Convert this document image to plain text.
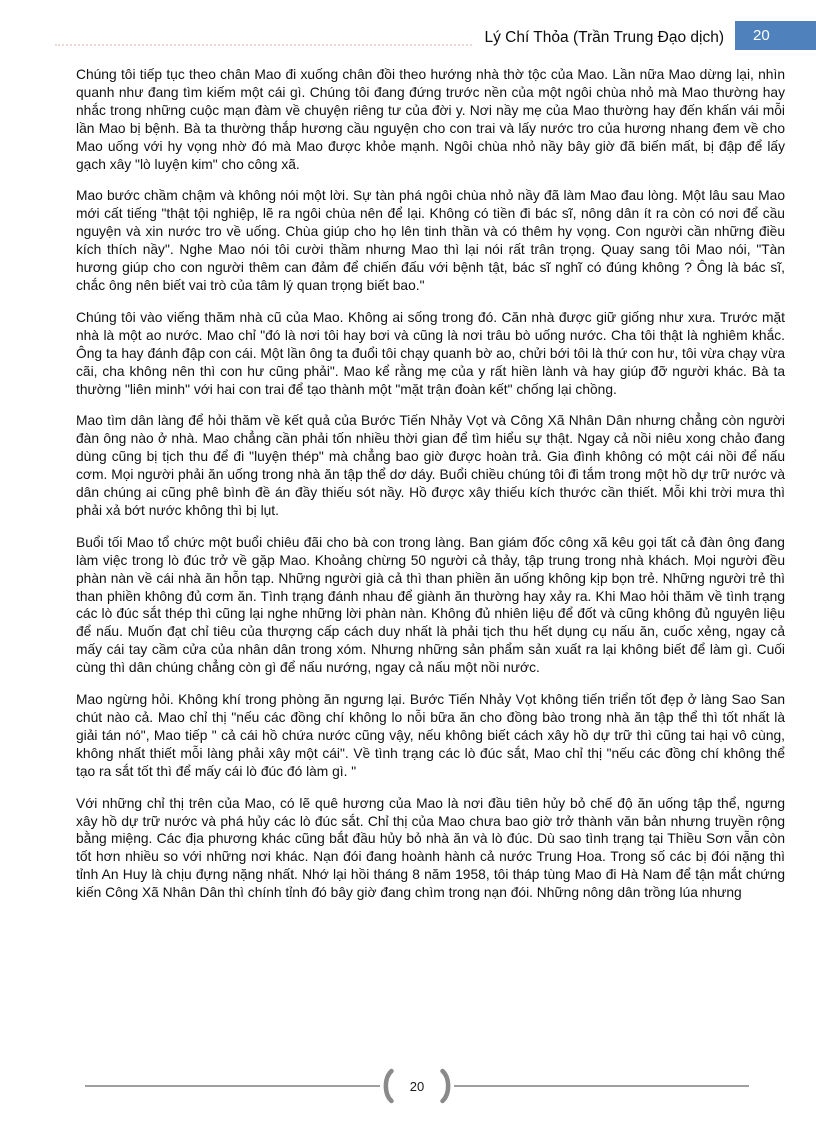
Lý Chí Thỏa (Trần Trung Đạo dịch)	20

Chúng tôi tiếp tục theo chân Mao đi xuống chân đồi theo hướng nhà thờ tộc của Mao. Lần nữa Mao dừng lại, nhìn quanh như đang tìm kiếm một cái gì. Chúng tôi đang đứng trước nền của một ngôi chùa nhỏ mà Mao thường hay nhắc trong những cuộc mạn đàm về chuyện riêng tư của đời y. Nơi nầy mẹ của Mao thường hay đến khấn vái mỗi lần Mao bị bệnh. Bà ta thường thắp hương cầu nguyện cho con trai và lấy nước tro của hương nhang đem về cho Mao uống với hy vọng nhờ đó mà Mao được khỏe mạnh. Ngôi chùa nhỏ nầy bây giờ đã biến mất, bị đập để lấy gạch xây "lò luyện kim" cho công xã.

Mao bước chầm chậm và không nói một lời. Sự tàn phá ngôi chùa nhỏ nầy đã làm Mao đau lòng. Một lâu sau Mao mới cất tiếng "thật tội nghiệp, lẽ ra ngôi chùa nên để lại. Không có tiền đi bác sĩ, nông dân ít ra còn có nơi để cầu nguyện và xin nước tro về uống. Chùa giúp cho họ lên tinh thần và có thêm hy vọng. Con người cần những điều kích thích nầy". Nghe Mao nói tôi cười thầm nhưng Mao thì lại nói rất trân trọng. Quay sang tôi Mao nói, "Tàn hương giúp cho con người thêm can đảm để chiến đấu với bệnh tật, bác sĩ nghĩ có đúng không ? Ông là bác sĩ, chắc ông nên biết vai trò của tâm lý quan trọng biết bao."

Chúng tôi vào viếng thăm nhà cũ của Mao. Không ai sống trong đó. Căn nhà được giữ giống như xưa. Trước mặt nhà là một ao nước. Mao chỉ "đó là nơi tôi hay bơi và cũng là nơi trâu bò uống nước. Cha tôi thật là nghiêm khắc. Ông ta hay đánh đập con cái. Một lần ông ta đuổi tôi chạy quanh bờ ao, chửi bới tôi là thứ con hư, tôi vừa chạy vừa cãi, cha không nên thì con hư cũng phải". Mao kể rằng mẹ của y rất hiền lành và hay giúp đỡ người khác. Bà ta thường "liên minh" với hai con trai để tạo thành một "mặt trận đoàn kết" chống lại chồng.

Mao tìm dân làng để hỏi thăm về kết quả của Bước Tiến Nhảy Vọt và Công Xã Nhân Dân nhưng chẳng còn người đàn ông nào ở nhà. Mao chẳng cần phải tốn nhiều thời gian để tìm hiểu sự thật. Ngay cả nồi niêu xong chảo đang dùng cũng bị tịch thu để đi "luyện thép" mà chẳng bao giờ được hoàn trả. Gia đình không có một cái nồi để nấu cơm. Mọi người phải ăn uống trong nhà ăn tập thể dơ dáy. Buổi chiều chúng tôi đi tắm trong một hồ dự trữ nước và dân chúng ai cũng phê bình đề án đầy thiếu sót nầy. Hồ được xây thiếu kích thước cần thiết. Mỗi khi trời mưa thì phải xả bớt nước không thì bị lụt.

Buổi tối Mao tổ chức một buổi chiêu đãi cho bà con trong làng. Ban giám đốc công xã kêu gọi tất cả đàn ông đang làm việc trong lò đúc trở về gặp Mao. Khoảng chừng 50 người cả thảy, tập trung trong nhà khách. Mọi người đều phàn nàn về cái nhà ăn hỗn tạp. Những người già cả thì than phiền ăn uống không kịp bọn trẻ. Những người trẻ thì than phiền không đủ cơm ăn. Tình trạng đánh nhau để giành ăn thường hay xảy ra. Khi Mao hỏi thăm về tình trạng các lò đúc sắt thép thì cũng lại nghe những lời phàn nàn. Không đủ nhiên liệu để đốt và cũng không đủ nguyên liệu để nấu. Muốn đạt chỉ tiêu của thượng cấp cách duy nhất là phải tịch thu hết dụng cụ nấu ăn, cuốc xẻng, ngay cả mấy cái tay cầm cửa của nhân dân trong xóm. Nhưng những sản phẩm sản xuất ra lại không biết để làm gì. Cuối cùng thì dân chúng chẳng còn gì để nấu nướng, ngay cả nấu một nồi nước.

Mao ngừng hỏi. Không khí trong phòng ăn ngưng lại. Bước Tiến Nhảy Vọt không tiến triển tốt đẹp ở làng Sao San chút nào cả. Mao chỉ thị "nếu các đồng chí không lo nỗi bữa ăn cho đồng bào trong nhà ăn tập thể thì tốt nhất là giải tán nó", Mao tiếp " cả cái hồ chứa nước cũng vậy, nếu không biết cách xây hồ dự trữ thì cũng tai hại vô cùng, không nhất thiết mỗi làng phải xây một cái". Về tình trạng các lò đúc sắt, Mao chỉ thị "nếu các đồng chí không thể tạo ra sắt tốt thì để mấy cái lò đúc đó làm gì. "

Với những chỉ thị trên của Mao, có lẽ quê hương của Mao là nơi đầu tiên hủy bỏ chế độ ăn uống tập thể, ngưng xây hồ dự trữ nước và phá hủy các lò đúc sắt. Chỉ thị của Mao chưa bao giờ trở thành văn bản nhưng truyền rộng bằng miệng. Các địa phương khác cũng bắt đầu hủy bỏ nhà ăn và lò đúc. Dù sao tình trạng tại Thiều Sơn vẫn còn tốt hơn nhiều so với những nơi khác. Nạn đói đang hoành hành cả nước Trung Hoa. Trong số các bị đói nặng thì tỉnh An Huy là chịu đựng nặng nhất. Nhớ lại hồi tháng 8 năm 1958, tôi tháp tùng Mao đi Hà Nam để tận mắt chứng kiến Công Xã Nhân Dân thì chính tỉnh đó bây giờ đang chìm trong nạn đói. Những nông dân trồng lúa nhưng

20
